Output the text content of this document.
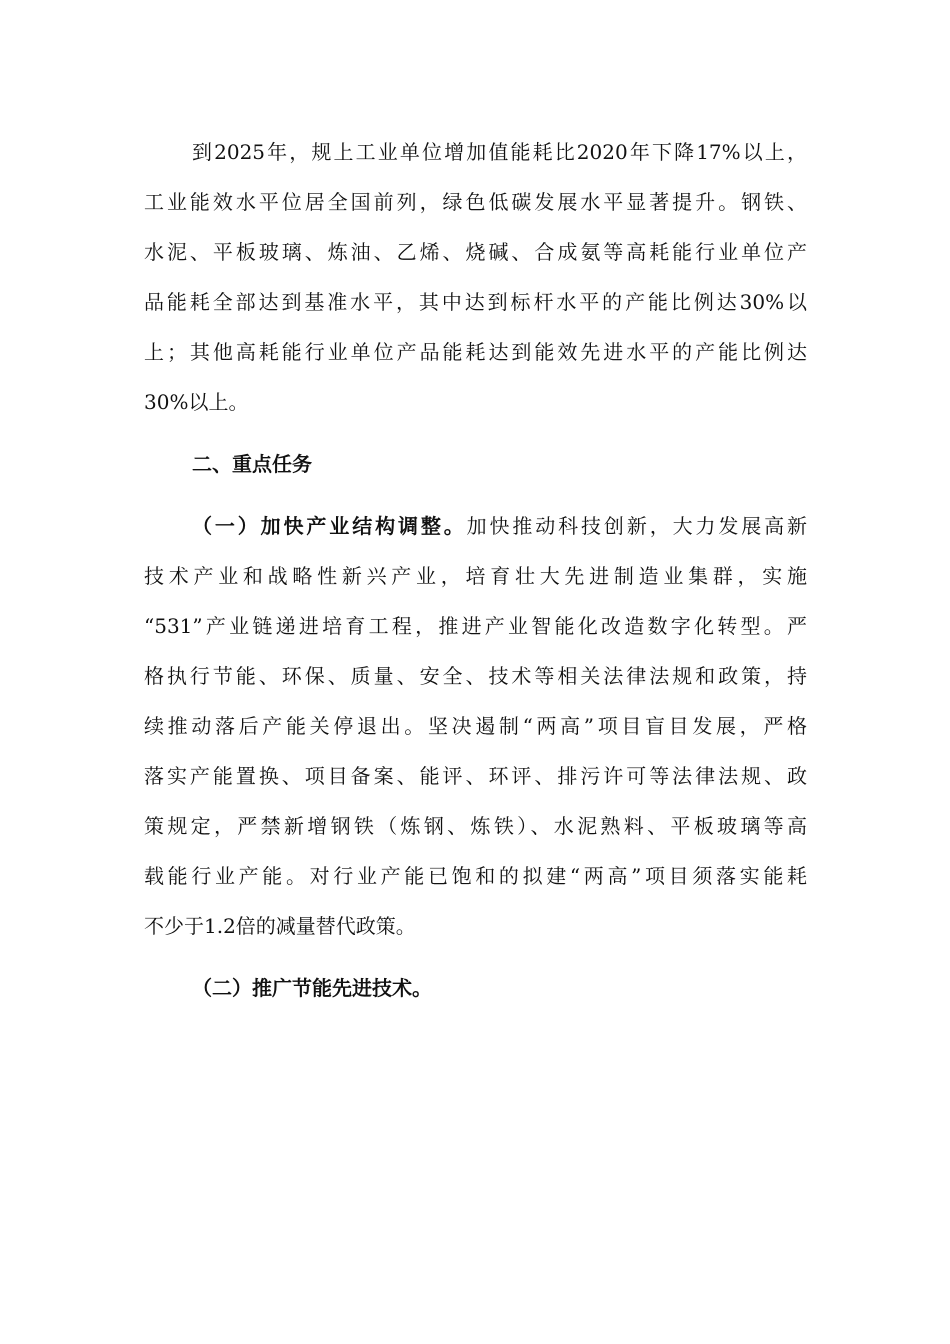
到2025年，规上工业单位增加值能耗比2020年下降17%以上，
工业能效水平位居全国前列，绿色低碳发展水平显著提升。钢铁、
水泥、平板玻璃、炼油、乙烯、烧碱、合成氨等高耗能行业单位产
品能耗全部达到基准水平，其中达到标杆水平的产能比例达30%以
上；其他高耗能行业单位产品能耗达到能效先进水平的产能比例达
30%以上。
二、重点任务
（一）加快产业结构调整。加快推动科技创新，大力发展高新
技术产业和战略性新兴产业，培育壮大先进制造业集群，实施
“531”产业链递进培育工程，推进产业智能化改造数字化转型。严
格执行节能、环保、质量、安全、技术等相关法律法规和政策，持
续推动落后产能关停退出。坚决遏制“两高”项目盲目发展，严格
落实产能置换、项目备案、能评、环评、排污许可等法律法规、政
策规定，严禁新增钢铁（炼钢、炼铁）、水泥熟料、平板玻璃等高
载能行业产能。对行业产能已饱和的拟建“两高”项目须落实能耗
不少于1.2倍的减量替代政策。
（二）推广节能先进技术。
